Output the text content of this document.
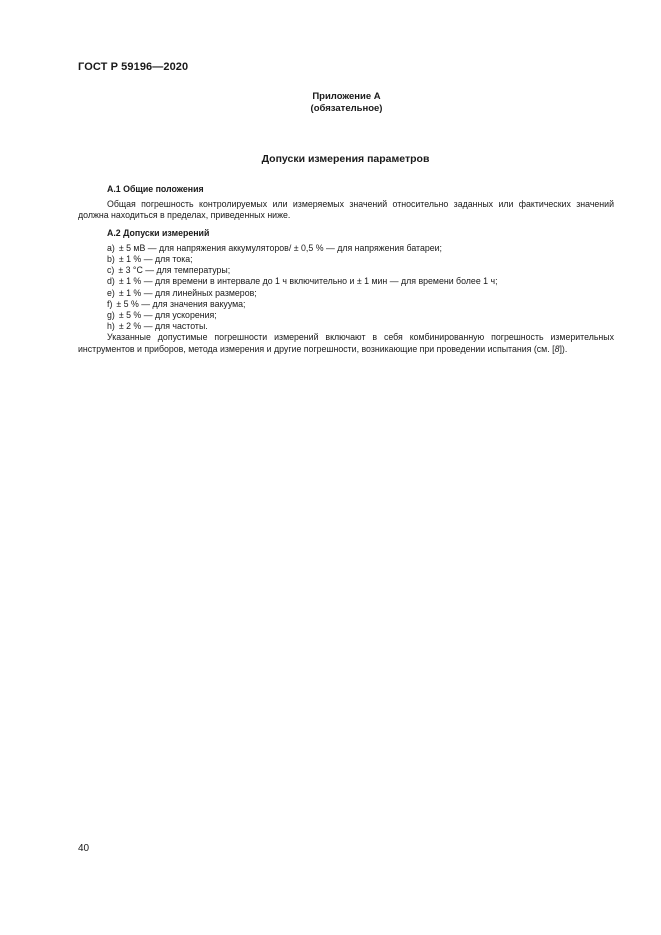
ГОСТ Р 59196—2020
Приложение А
(обязательное)
Допуски измерения параметров

А.1 Общие положения

Общая погрешность контролируемых или измеряемых значений относительно заданных или фактических значений должна находиться в пределах, приведенных ниже.

А.2 Допуски измерений

a) ± 5 мВ — для напряжения аккумуляторов/ ± 0,5 % — для напряжения батареи;

b) ± 1 % — для тока;

c) ± 3 °С — для температуры;

d) ± 1 % — для времени в интервале до 1 ч включительно и ± 1 мин — для времени более 1 ч;

e) ± 1 % — для линейных размеров;

f) ± 5 % — для значения вакуума;

g) ± 5 % — для ускорения;

h) ± 2 % — для частоты.

Указанные допустимые погрешности измерений включают в себя комбинированную погрешность измерительных инструментов и приборов, метода измерения и другие погрешности, возникающие при проведении испытания (см. [8]).

40
